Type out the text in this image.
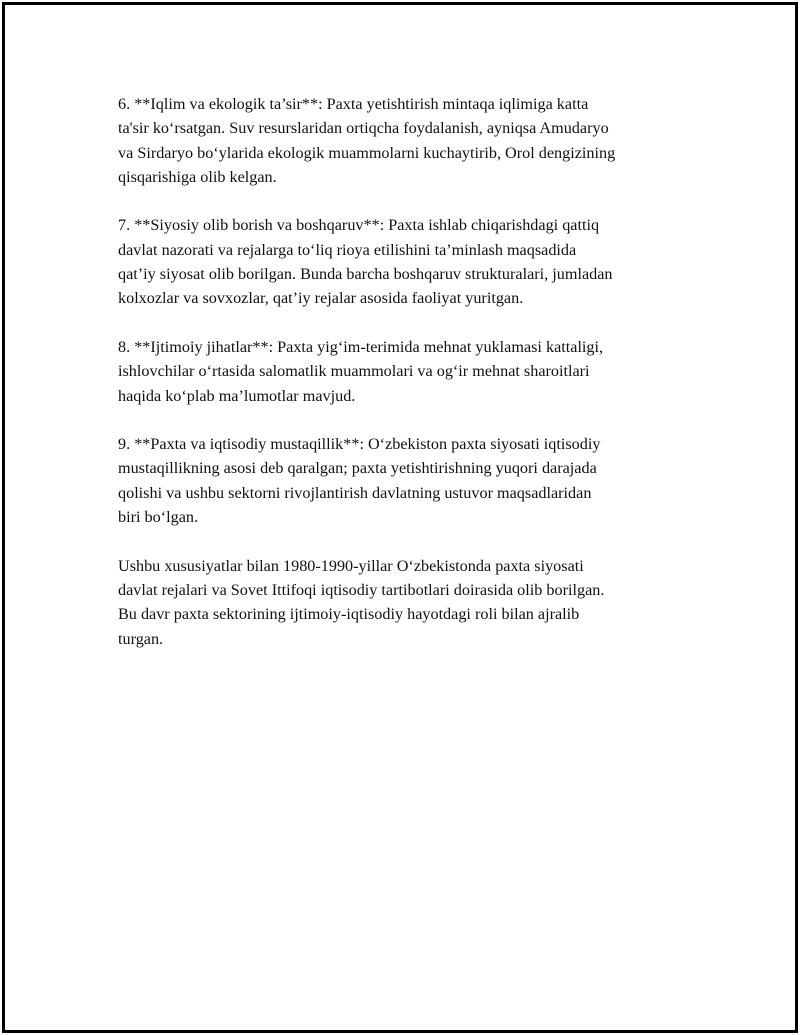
6. **Iqlim va ekologik ta’sir**: Paxta yetishtirish mintaqa iqlimiga katta
ta'sir ko‘rsatgan. Suv resurslaridan ortiqcha foydalanish, ayniqsa Amudaryo
va Sirdaryo bo‘ylarida ekologik muammolarni kuchaytirib, Orol dengizining
qisqarishiga olib kelgan.
7. **Siyosiy olib borish va boshqaruv**: Paxta ishlab chiqarishdagi qattiq
davlat nazorati va rejalarga to‘liq rioya etilishini ta’minlash maqsadida
qat’iy siyosat olib borilgan. Bunda barcha boshqaruv strukturalari, jumladan
kolxozlar va sovxozlar, qat’iy rejalar asosida faoliyat yuritgan.
8. **Ijtimoiy jihatlar**: Paxta yig‘im-terimida mehnat yuklamasi kattaligi,
ishlovchilar o‘rtasida salomatlik muammolari va og‘ir mehnat sharoitlari
haqida ko‘plab ma’lumotlar mavjud.
9. **Paxta va iqtisodiy mustaqillik**: O‘zbekiston paxta siyosati iqtisodiy
mustaqillikning asosi deb qaralgan; paxta yetishtirishning yuqori darajada
qolishi va ushbu sektorni rivojlantirish davlatning ustuvor maqsadlaridan
biri bo‘lgan.
Ushbu xususiyatlar bilan 1980-1990-yillar O‘zbekistonda paxta siyosati
davlat rejalari va Sovet Ittifoqi iqtisodiy tartibotlari doirasida olib borilgan.
Bu davr paxta sektorining ijtimoiy-iqtisodiy hayotdagi roli bilan ajralib
turgan.
